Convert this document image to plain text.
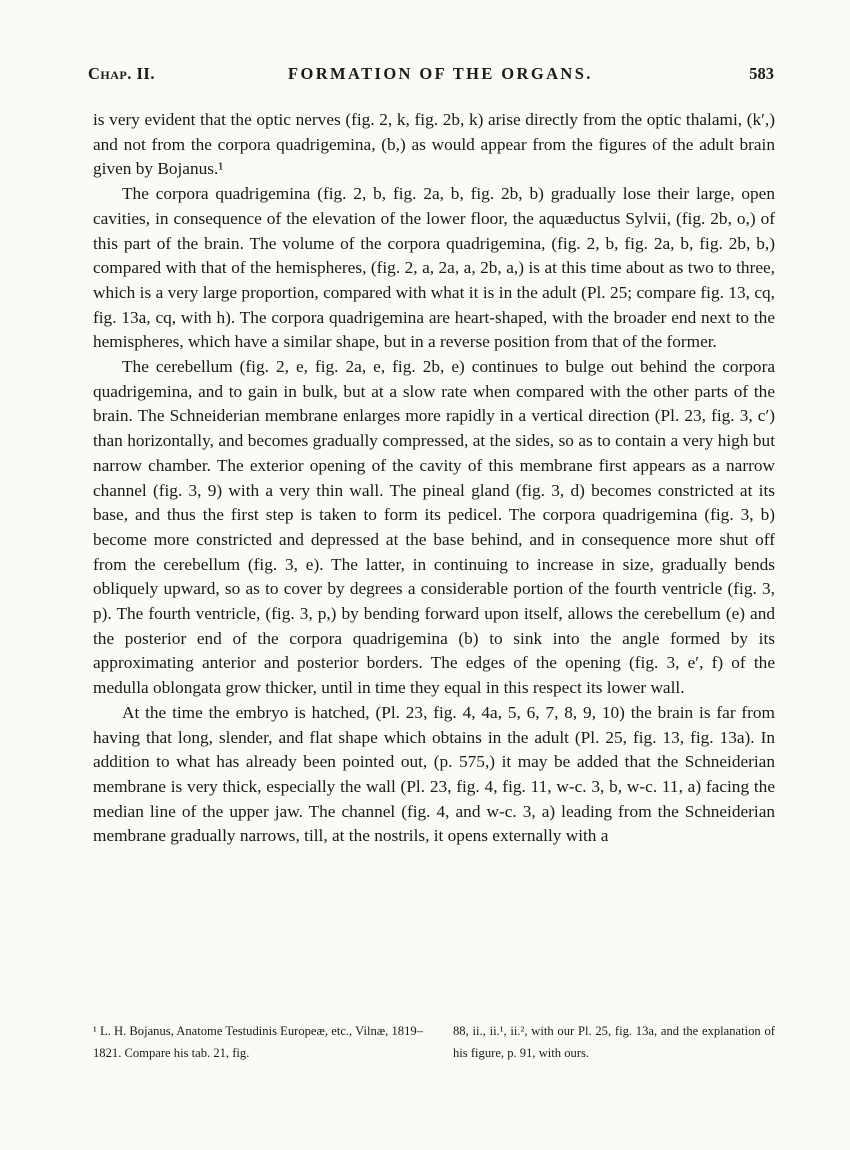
Chap. II.	FORMATION OF THE ORGANS.	583

is very evident that the optic nerves (fig. 2, k, fig. 2b, k) arise directly from the optic thalami, (k′,) and not from the corpora quadrigemina, (b,) as would appear from the figures of the adult brain given by Bojanus.¹

The corpora quadrigemina (fig. 2, b, fig. 2a, b, fig. 2b, b) gradually lose their large, open cavities, in consequence of the elevation of the lower floor, the aquæductus Sylvii, (fig. 2b, o,) of this part of the brain. The volume of the corpora quadrigemina, (fig. 2, b, fig. 2a, b, fig. 2b, b,) compared with that of the hemispheres, (fig. 2, a, 2a, a, 2b, a,) is at this time about as two to three, which is a very large proportion, compared with what it is in the adult (Pl. 25; compare fig. 13, cq, fig. 13a, cq, with h). The corpora quadrigemina are heart-shaped, with the broader end next to the hemispheres, which have a similar shape, but in a reverse position from that of the former.

The cerebellum (fig. 2, e, fig. 2a, e, fig. 2b, e) continues to bulge out behind the corpora quadrigemina, and to gain in bulk, but at a slow rate when compared with the other parts of the brain. The Schneiderian membrane enlarges more rapidly in a vertical direction (Pl. 23, fig. 3, c′) than horizontally, and becomes gradually compressed, at the sides, so as to contain a very high but narrow chamber. The exterior opening of the cavity of this membrane first appears as a narrow channel (fig. 3, 9) with a very thin wall. The pineal gland (fig. 3, d) becomes constricted at its base, and thus the first step is taken to form its pedicel. The corpora quadrigemina (fig. 3, b) become more constricted and depressed at the base behind, and in consequence more shut off from the cerebellum (fig. 3, e). The latter, in continuing to increase in size, gradually bends obliquely upward, so as to cover by degrees a considerable portion of the fourth ventricle (fig. 3, p). The fourth ventricle, (fig. 3, p,) by bending forward upon itself, allows the cerebellum (e) and the posterior end of the corpora quadrigemina (b) to sink into the angle formed by its approximating anterior and posterior borders. The edges of the opening (fig. 3, e′, f) of the medulla oblongata grow thicker, until in time they equal in this respect its lower wall.

At the time the embryo is hatched, (Pl. 23, fig. 4, 4a, 5, 6, 7, 8, 9, 10) the brain is far from having that long, slender, and flat shape which obtains in the adult (Pl. 25, fig. 13, fig. 13a). In addition to what has already been pointed out, (p. 575,) it may be added that the Schneiderian membrane is very thick, especially the wall (Pl. 23, fig. 4, fig. 11, w-c. 3, b, w-c. 11, a) facing the median line of the upper jaw. The channel (fig. 4, and w-c. 3, a) leading from the Schneiderian membrane gradually narrows, till, at the nostrils, it opens externally with a

¹ L. H. Bojanus, Anatome Testudinis Europeæ, etc., Vilnæ, 1819–1821. Compare his tab. 21, fig.
88, ii., ii.¹, ii.², with our Pl. 25, fig. 13a, and the explanation of his figure, p. 91, with ours.
